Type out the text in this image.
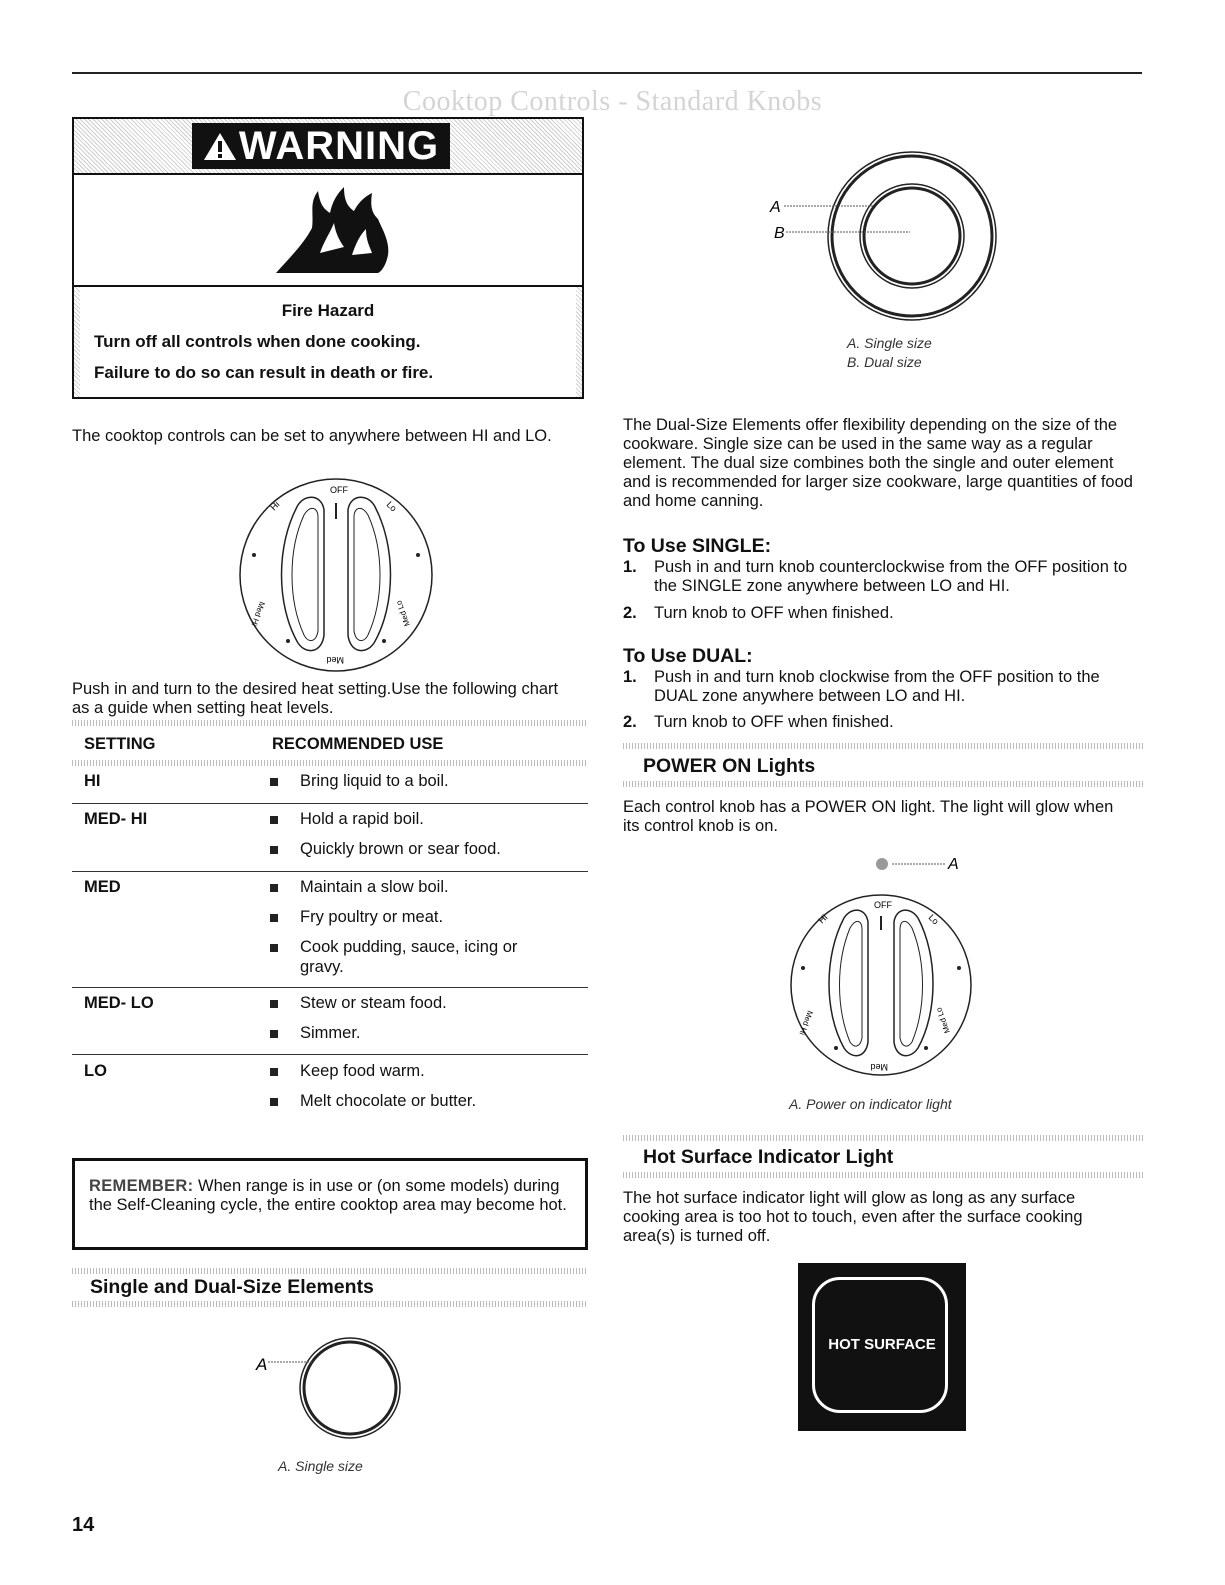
Cooktop Controls - Standard Knobs
WARNING
Fire Hazard
Turn off all controls when done cooking.
Failure to do so can result in death or fire.
The cooktop controls can be set to anywhere between HI and LO.
OFF
Lo
Hi
Med
Med Hi	Med Lo
Push in and turn to the desired heat setting.Use the following chart as a guide when setting heat levels.
SETTING	RECOMMENDED USE
HI	Bring liquid to a boil.
MED- HI	Hold a rapid boil.
Quickly brown or sear food.
MED	Maintain a slow boil.
Fry poultry or meat.
Cook pudding, sauce, icing or
gravy.
MED- LO	Stew or steam food.
Simmer.
LO	Keep food warm.
Melt chocolate or butter.
REMEMBER: When range is in use or (on some models) during the Self-Cleaning cycle, the entire cooktop area may become hot.
Single and Dual-Size Elements
A
A. Single size
14
A
B
A. Single size
B. Dual size
The Dual-Size Elements offer flexibility depending on the size of the cookware. Single size can be used in the same way as a regular element. The dual size combines both the single and outer element and is recommended for larger size cookware, large quantities of food and home canning.
To Use SINGLE:
1. Push in and turn knob counterclockwise from the OFF position to the SINGLE zone anywhere between LO and HI.
2. Turn knob to OFF when finished.
To Use DUAL:
1. Push in and turn knob clockwise from the OFF position to the DUAL zone anywhere between LO and HI.
2. Turn knob to OFF when finished.
POWER ON Lights
Each control knob has a POWER ON light. The light will glow when its control knob is on.
A
OFF
Lo
Hi
Med
Med Hi	Med Lo
A. Power on indicator light
Hot Surface Indicator Light
The hot surface indicator light will glow as long as any surface cooking area is too hot to touch, even after the surface cooking area(s) is turned off.
HOT SURFACE
